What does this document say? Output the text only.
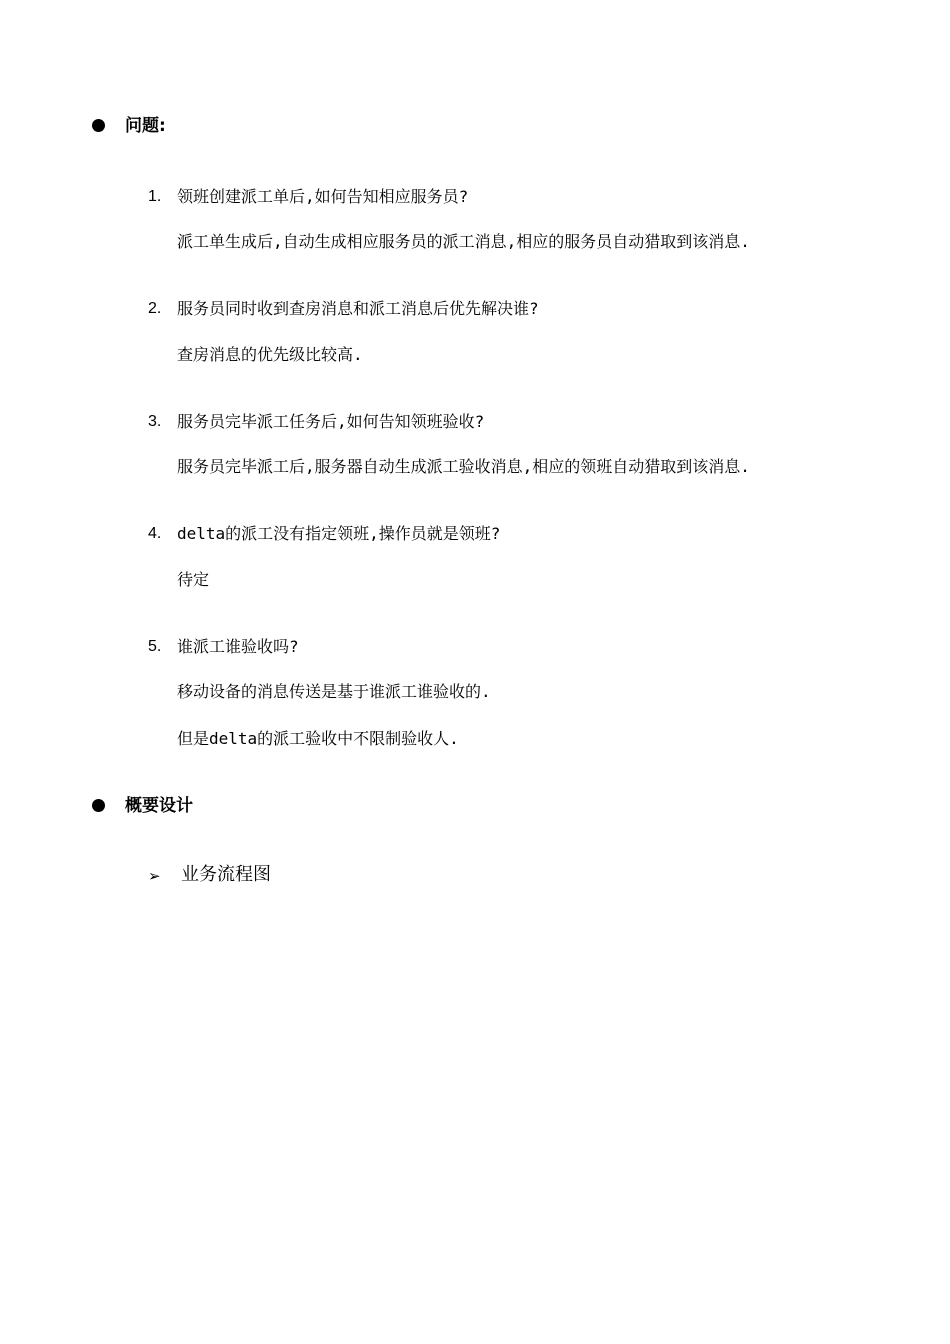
问题:
1. 领班创建派工单后,如何告知相应服务员?
派工单生成后,自动生成相应服务员的派工消息,相应的服务员自动猎取到该消息.
2. 服务员同时收到查房消息和派工消息后优先解决谁?
查房消息的优先级比较高.
3. 服务员完毕派工任务后,如何告知领班验收?
服务员完毕派工后,服务器自动生成派工验收消息,相应的领班自动猎取到该消息.
4. delta的派工没有指定领班,操作员就是领班?
待定
5. 谁派工谁验收吗?
移动设备的消息传送是基于谁派工谁验收的.
但是delta的派工验收中不限制验收人.
概要设计
➢ 业务流程图
